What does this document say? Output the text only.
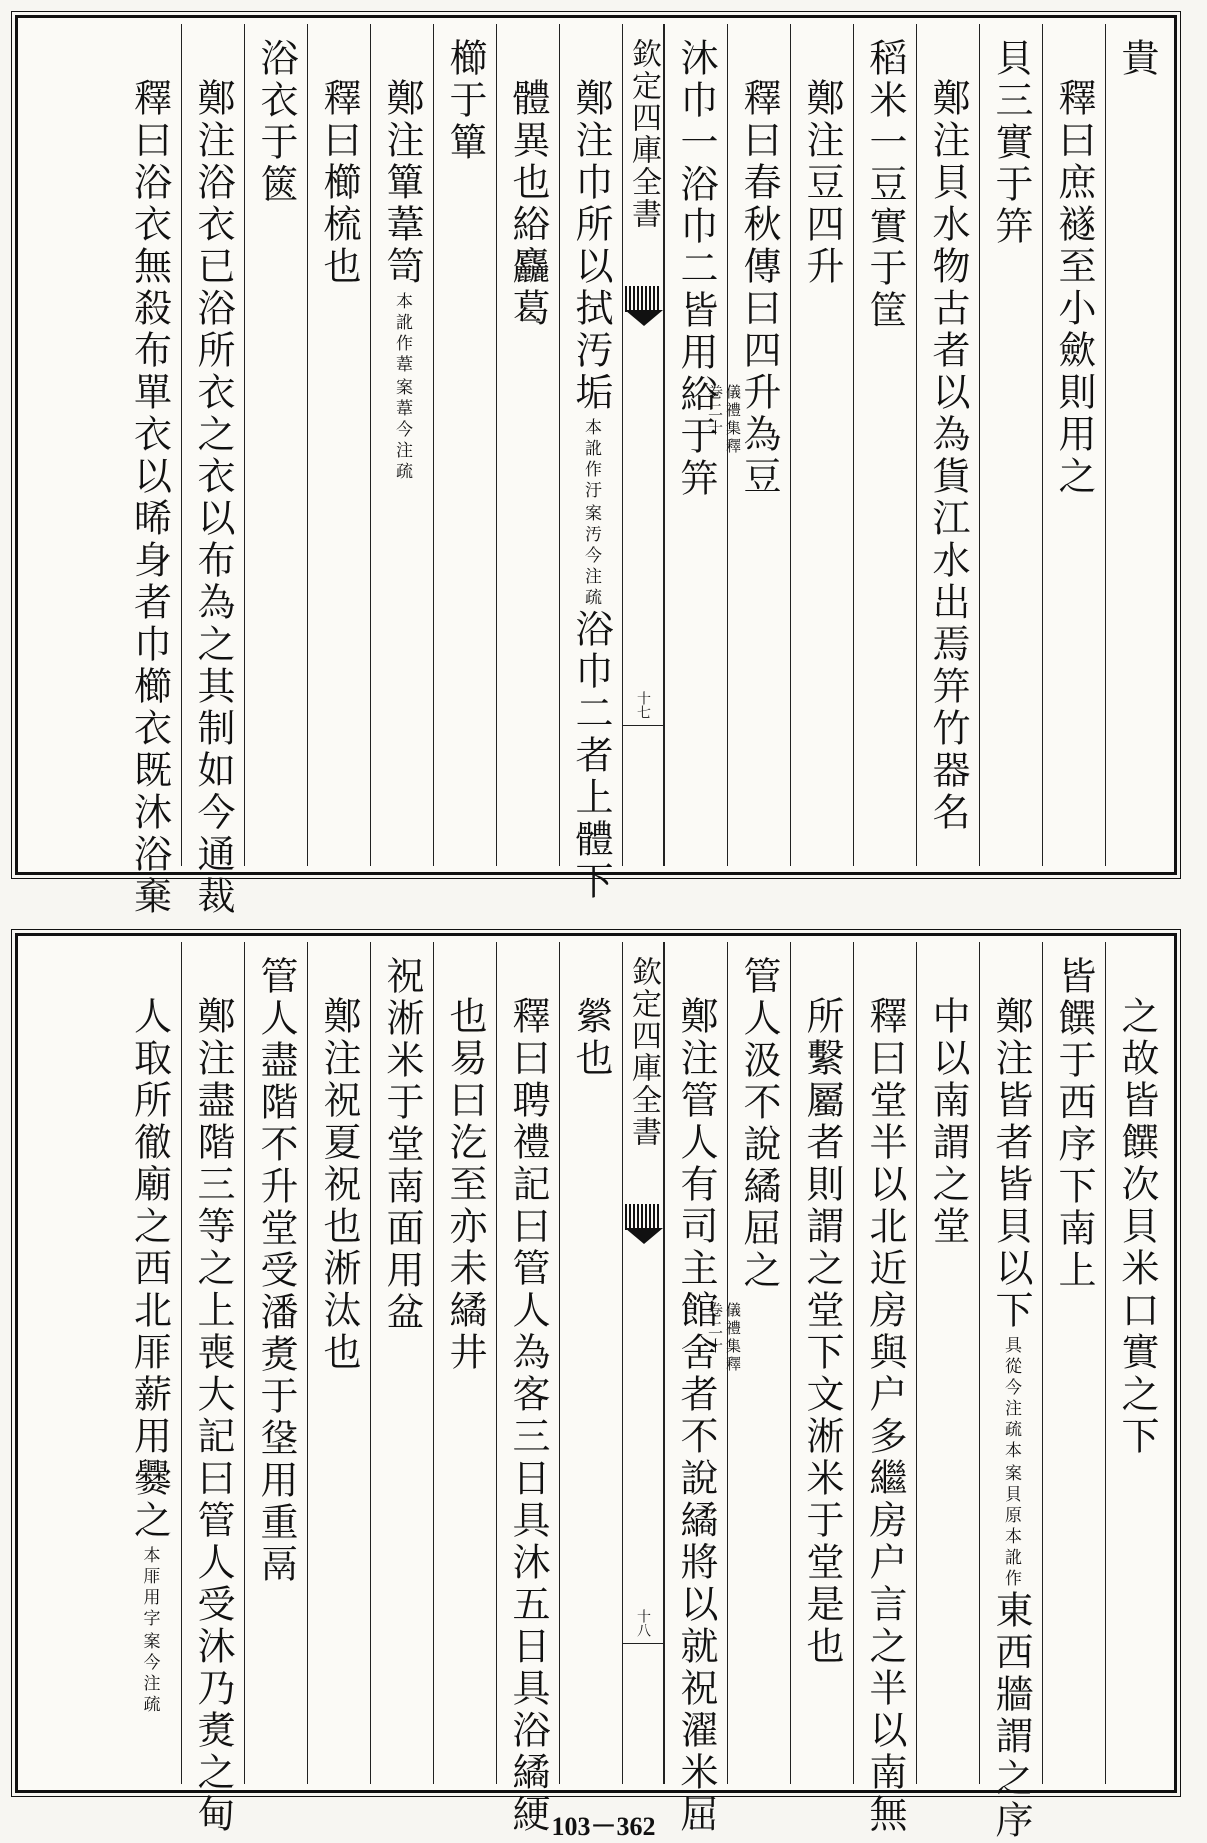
貴
釋曰庶襚至小歛則用之
貝三實于笄
鄭注貝水物古者以為貨江水出焉笄竹器名
稻米一豆實于筐
鄭注豆四升
釋曰春秋傳曰四升為豆
沐巾一浴巾二皆用綌于笄
欽定四庫全書
儀禮集釋
卷二十
十七
鄭注巾所以拭汚垢
案汚今注疏
本訛作汙
浴巾二者上體下
體異也綌麤葛
櫛于簞
鄭注簞葦笥
案葦今注疏
本訛作葦
釋曰櫛梳也
浴衣于篋
鄭注浴衣已浴所衣之衣以布為之其制如今通裁
釋曰浴衣無殺布單衣以晞身者巾櫛衣既沐浴棄
之故皆饌次貝米口實之下
皆饌于西序下南上
鄭注皆者皆貝以下
案貝原本訛作
具從今注疏本
東西牆謂之序
中以南謂之堂
釋曰堂半以北近房與户多繼房户言之半以南無
所繫屬者則謂之堂下文淅米于堂是也
管人汲不說繘屈之
鄭注管人有司主館舍者不說繘將以就祝濯米屈
欽定四庫全書
儀禮集釋
卷二十
十八
縈也
釋曰聘禮記曰管人為客三日具沐五日具浴繘綆
也易曰汔至亦未繘井
祝淅米于堂南面用盆
鄭注祝夏祝也淅汰也
管人盡階不升堂受潘煑于垼用重鬲
鄭注盡階三等之上喪大記曰管人受沐乃煑之甸
人取所徹廟之西北厞薪用爨之
案今注疏
本厞用字
103－362
